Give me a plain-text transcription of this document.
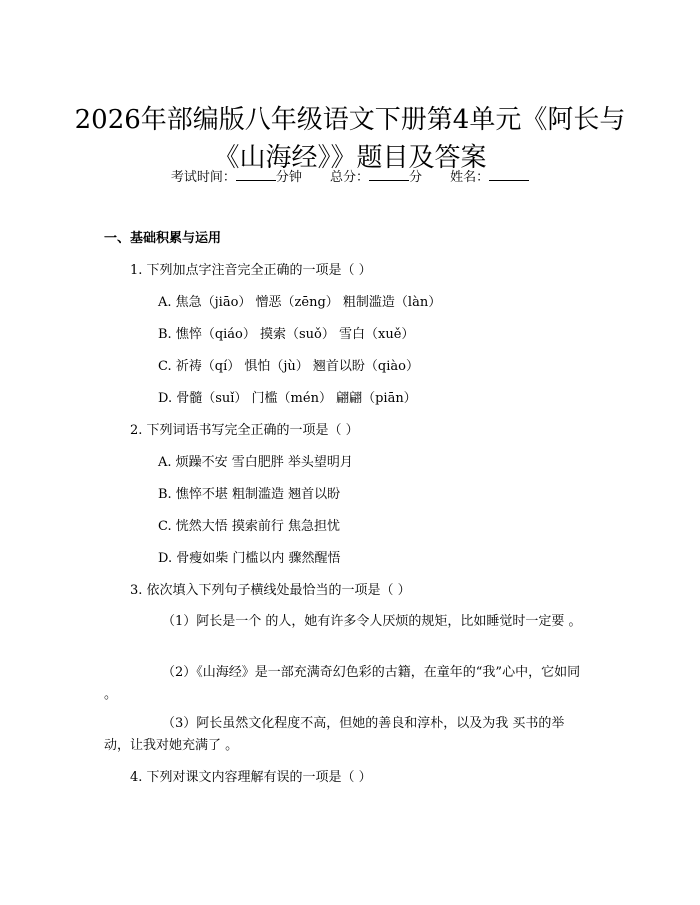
2026年部编版八年级语文下册第4单元《阿长与《山海经》》题目及答案
考试时间：	分钟 总分：	分 姓名：
一、基础积累与运用
1. 下列加点字注音完全正确的一项是（ ）
A. 焦急（jiāo） 憎恶（zēng） 粗制滥造（làn）
B. 憔悴（qiáo） 摸索（suǒ） 雪白（xuě）
C. 祈祷（qí） 惧怕（jù） 翘首以盼（qiào）
D. 骨髓（suǐ） 门槛（mén） 翩翩（piān）
2. 下列词语书写完全正确的一项是（ ）
A. 烦躁不安 雪白肥胖 举头望明月
B. 憔悴不堪 粗制滥造 翘首以盼
C. 恍然大悟 摸索前行 焦急担忧
D. 骨瘦如柴 门槛以内 骤然醒悟
3. 依次填入下列句子横线处最恰当的一项是（ ）
（1）阿长是一个 的人，她有许多令人厌烦的规矩，比如睡觉时一定要 。
（2）《山海经》是一部充满奇幻色彩的古籍，在童年的“我”心中，它如同 。
（3）阿长虽然文化程度不高，但她的善良和淳朴，以及为我 买书的举动，让我对她充满了 。
4. 下列对课文内容理解有误的一项是（ ）
